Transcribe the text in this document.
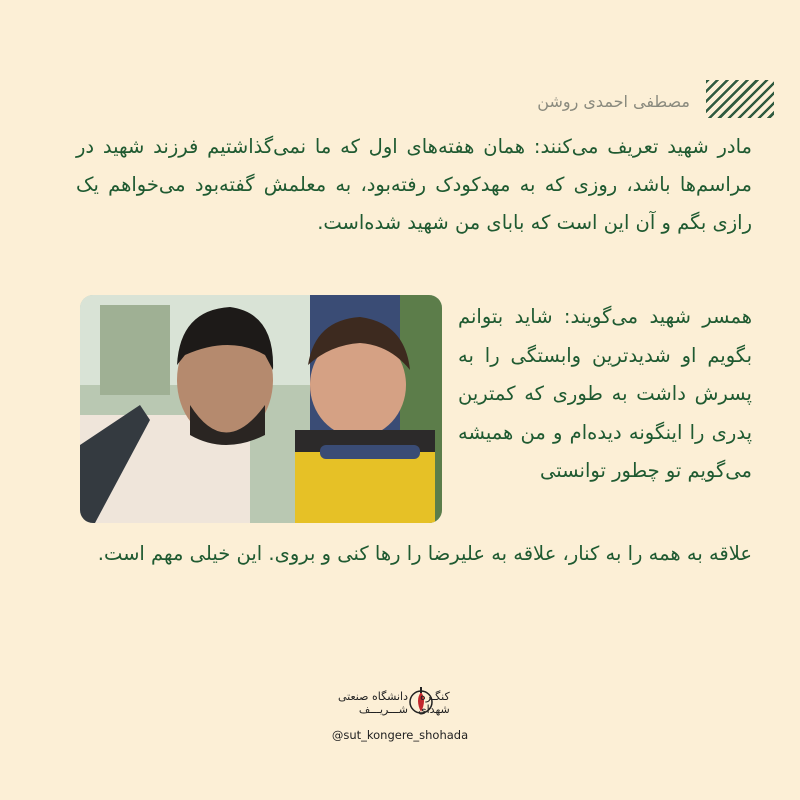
مصطفی احمدی روشن
مادر شهید تعریف می‌کنند: همان هفته‌های اول که ما نمی‌گذاشتیم فرزند شهید در مراسم‌ها باشد، روزی که به مهدکودک رفته‌بود، به معلمش گفته‌بود می‌خواهم یک رازی بگم و آن این است که بابای من شهید شده‌است.
همسر شهید می‌گویند: شاید بتوانم بگویم او شدیدترین وابستگی را به پسرش داشت به طوری که کمترین پدری را اینگونه دیده‌ام و من همیشه می‌گویم تو چطور توانستی
علاقه به همه را به کنار، علاقه به علیرضا را رها کنی و بروی. این خیلی مهم است.
دانشگاه صنعتی
شـــریـــف
کنگـره
شهدای
@sut_kongere_shohada
